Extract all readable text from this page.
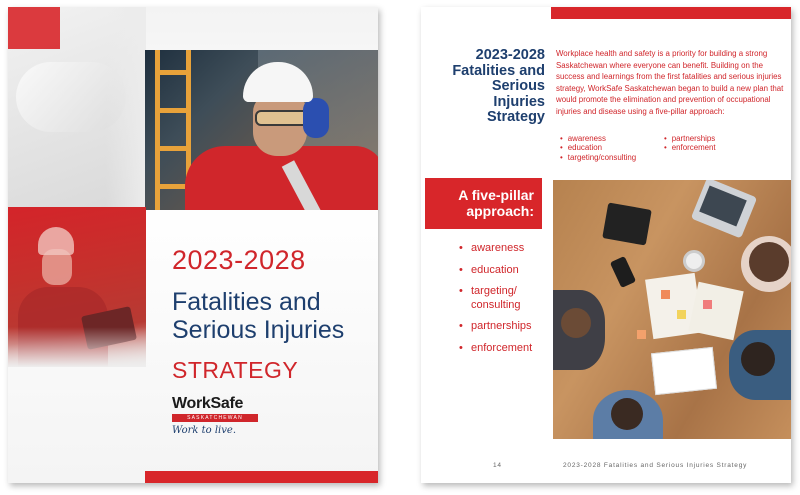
2023-2028
Fatalities and
Serious Injuries
STRATEGY
WorkSafe
SASKATCHEWAN
Work to live.
2023-2028
Fatalities and
Serious Injuries
Strategy
Workplace health and safety is a priority for building a strong Saskatchewan where everyone can benefit. Building on the success and learnings from the first fatalities and serious injuries strategy, WorkSafe Saskatchewan began to build a new plan that would promote the elimination and prevention of occupational injuries and disease using a five-pillar approach:
• awareness
• education
• targeting/consulting
• partnerships
• enforcement
A five-pillar
approach:
• awareness
• education
• targeting/
consulting
• partnerships
• enforcement
14	2023-2028 Fatalities and Serious Injuries Strategy
